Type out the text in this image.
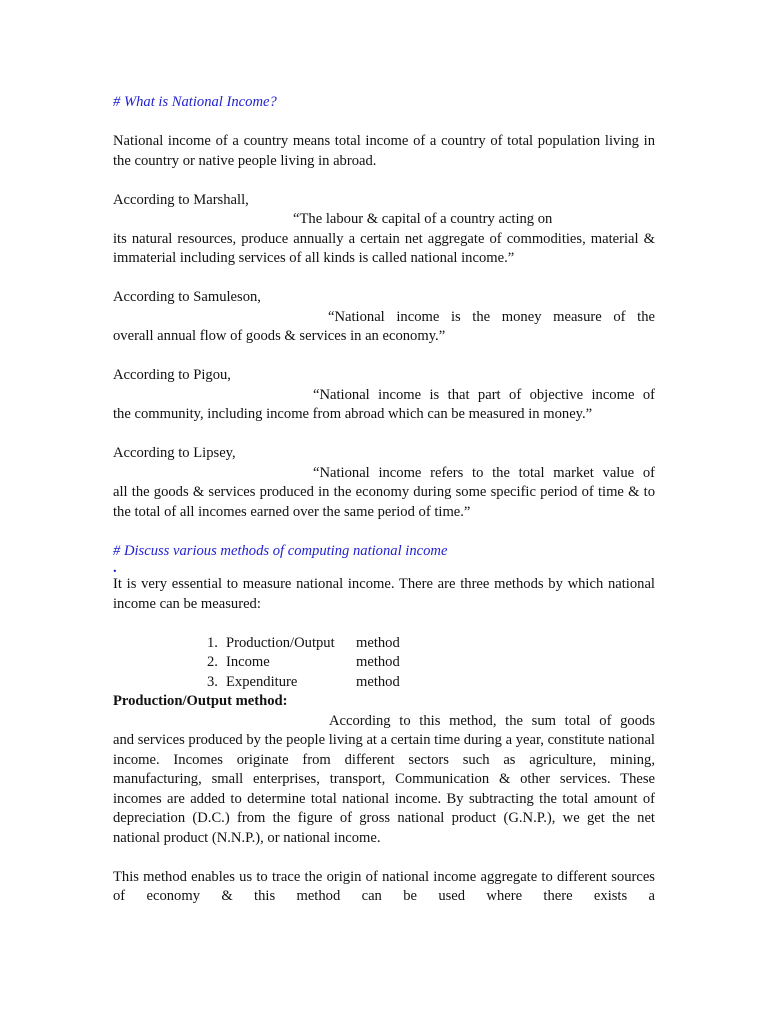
# What is National Income?

National income of a country means total income of a country of total population living in the country or native people living in abroad.

According to Marshall,

“The labour & capital of a country acting on

its natural resources, produce annually a certain net aggregate of commodities, material & immaterial including services of all kinds is called national income.”

According to Samuleson,

“National income is the money measure of the

overall annual flow of goods & services in an economy.”

According to Pigou,

“National income is that part of objective income of

the community, including income from abroad which can be measured in money.”

According to Lipsey,

“National income refers to the total market value of

all the goods & services produced in the economy during some specific period of time & to the total of all incomes earned over the same period of time.”

# Discuss various methods of computing national income

.

It is very essential to measure national income. There are three methods by which national income can be measured:

1. Production/Output	method
2. Income	method
3. Expenditure	method

Production/Output method:

According to this method, the sum total of goods

and services produced by the people living at a certain time during a year, constitute national income. Incomes originate from different sectors such as agriculture, mining, manufacturing, small enterprises, transport, Communication & other services. These incomes are added to determine total national income. By subtracting the total amount of depreciation (D.C.) from the figure of gross national product (G.N.P.), we get the net national product (N.N.P.), or national income.

This method enables us to trace the origin of national income aggregate to different sources of economy & this method can be used where there exists a
